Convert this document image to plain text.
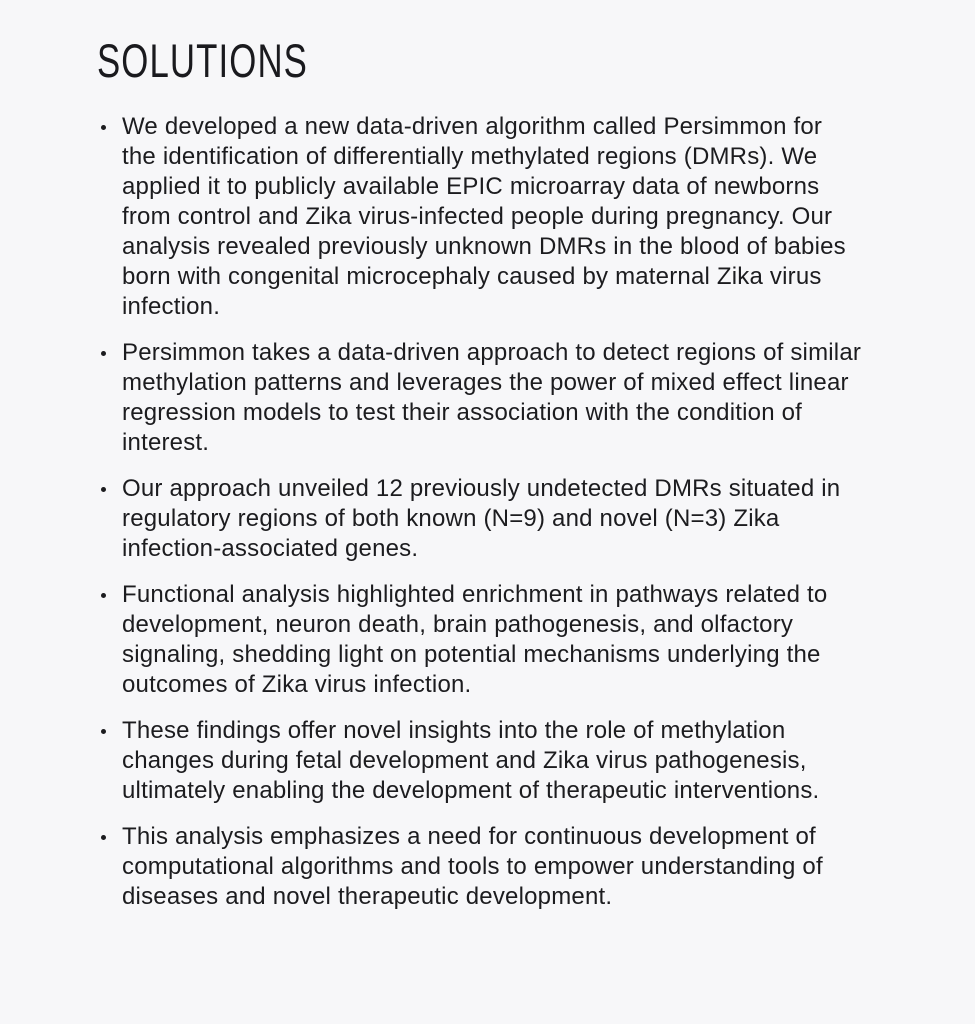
SOLUTIONS
We developed a new data-driven algorithm called Persimmon for the identification of differentially methylated regions (DMRs). We applied it to publicly available EPIC microarray data of newborns from control and Zika virus-infected people during pregnancy. Our analysis revealed previously unknown DMRs in the blood of babies born with congenital microcephaly caused by maternal Zika virus infection.
Persimmon takes a data-driven approach to detect regions of similar methylation patterns and leverages the power of mixed effect linear regression models to test their association with the condition of interest.
Our approach unveiled 12 previously undetected DMRs situated in regulatory regions of both known (N=9) and novel (N=3) Zika infection-associated genes.
Functional analysis highlighted enrichment in pathways related to development, neuron death, brain pathogenesis, and olfactory signaling, shedding light on potential mechanisms underlying the outcomes of Zika virus infection.
These findings offer novel insights into the role of methylation changes during fetal development and Zika virus pathogenesis, ultimately enabling the development of therapeutic interventions.
This analysis emphasizes a need for continuous development of computational algorithms and tools to empower understanding of diseases and novel therapeutic development.
